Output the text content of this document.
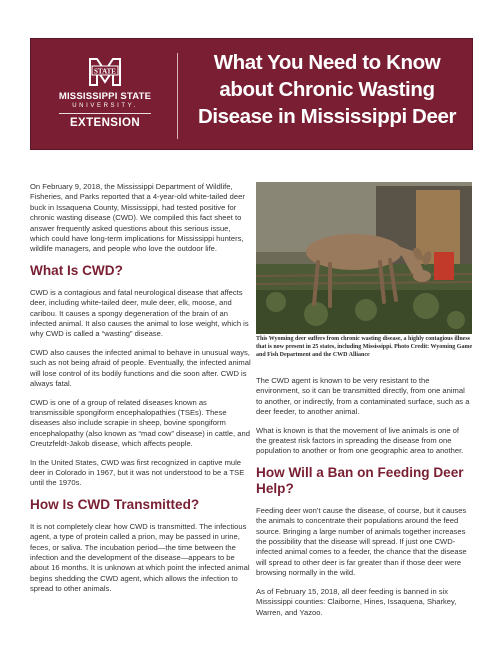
STATE
MISSISSIPPI STATE
UNIVERSITY.
EXTENSION
What You Need to Know
about Chronic Wasting
Disease in Mississippi Deer

On February 9, 2018, the Mississippi Department of Wildlife, Fisheries, and Parks reported that a 4-year-old white-tailed deer buck in Issaquena County, Mississippi, had tested positive for chronic wasting disease (CWD). We compiled this fact sheet to answer frequently asked questions about this serious issue, which could have long-term implications for Mississippi hunters, wildlife managers, and people who love the outdoor life.

What Is CWD?

CWD is a contagious and fatal neurological disease that affects deer, including white-tailed deer, mule deer, elk, moose, and caribou. It causes a spongy degeneration of the brain of an infected animal. It also causes the animal to lose weight, which is why CWD is called a “wasting” disease.

CWD also causes the infected animal to behave in unusual ways, such as not being afraid of people. Eventually, the infected animal will lose control of its bodily functions and die soon after. CWD is always fatal.

CWD is one of a group of related diseases known as transmissible spongiform encephalopathies (TSEs). These diseases also include scrapie in sheep, bovine spongiform encephalopathy (also known as “mad cow” disease) in cattle, and Creutzfeldt-Jakob disease, which affects people.

In the United States, CWD was first recognized in captive mule deer in Colorado in 1967, but it was not understood to be a TSE until the 1970s.

How Is CWD Transmitted?

It is not completely clear how CWD is transmitted. The infectious agent, a type of protein called a prion, may be passed in urine, feces, or saliva. The incubation period—the time between the infection and the development of the disease—appears to be about 16 months. It is unknown at which point the infected animal begins shedding the CWD agent, which allows the infection to spread to other animals.

This Wyoming deer suffers from chronic wasting disease, a highly contagious illness that is now present in 25 states, including Mississippi. Photo Credit: Wyoming Game and Fish Department and the CWD Alliance

The CWD agent is known to be very resistant to the environment, so it can be transmitted directly, from one animal to another, or indirectly, from a contaminated surface, such as a deer feeder, to another animal.

What is known is that the movement of live animals is one of the greatest risk factors in spreading the disease from one population to another or from one geographic area to another.

How Will a Ban on Feeding Deer Help?

Feeding deer won’t cause the disease, of course, but it causes the animals to concentrate their populations around the feed source. Bringing a large number of animals together increases the possibility that the disease will spread. If just one CWD-infected animal comes to a feeder, the chance that the disease will spread to other deer is far greater than if those deer were browsing normally in the wild.

As of February 15, 2018, all deer feeding is banned in six Mississippi counties: Claiborne, Hines, Issaquena, Sharkey, Warren, and Yazoo.
